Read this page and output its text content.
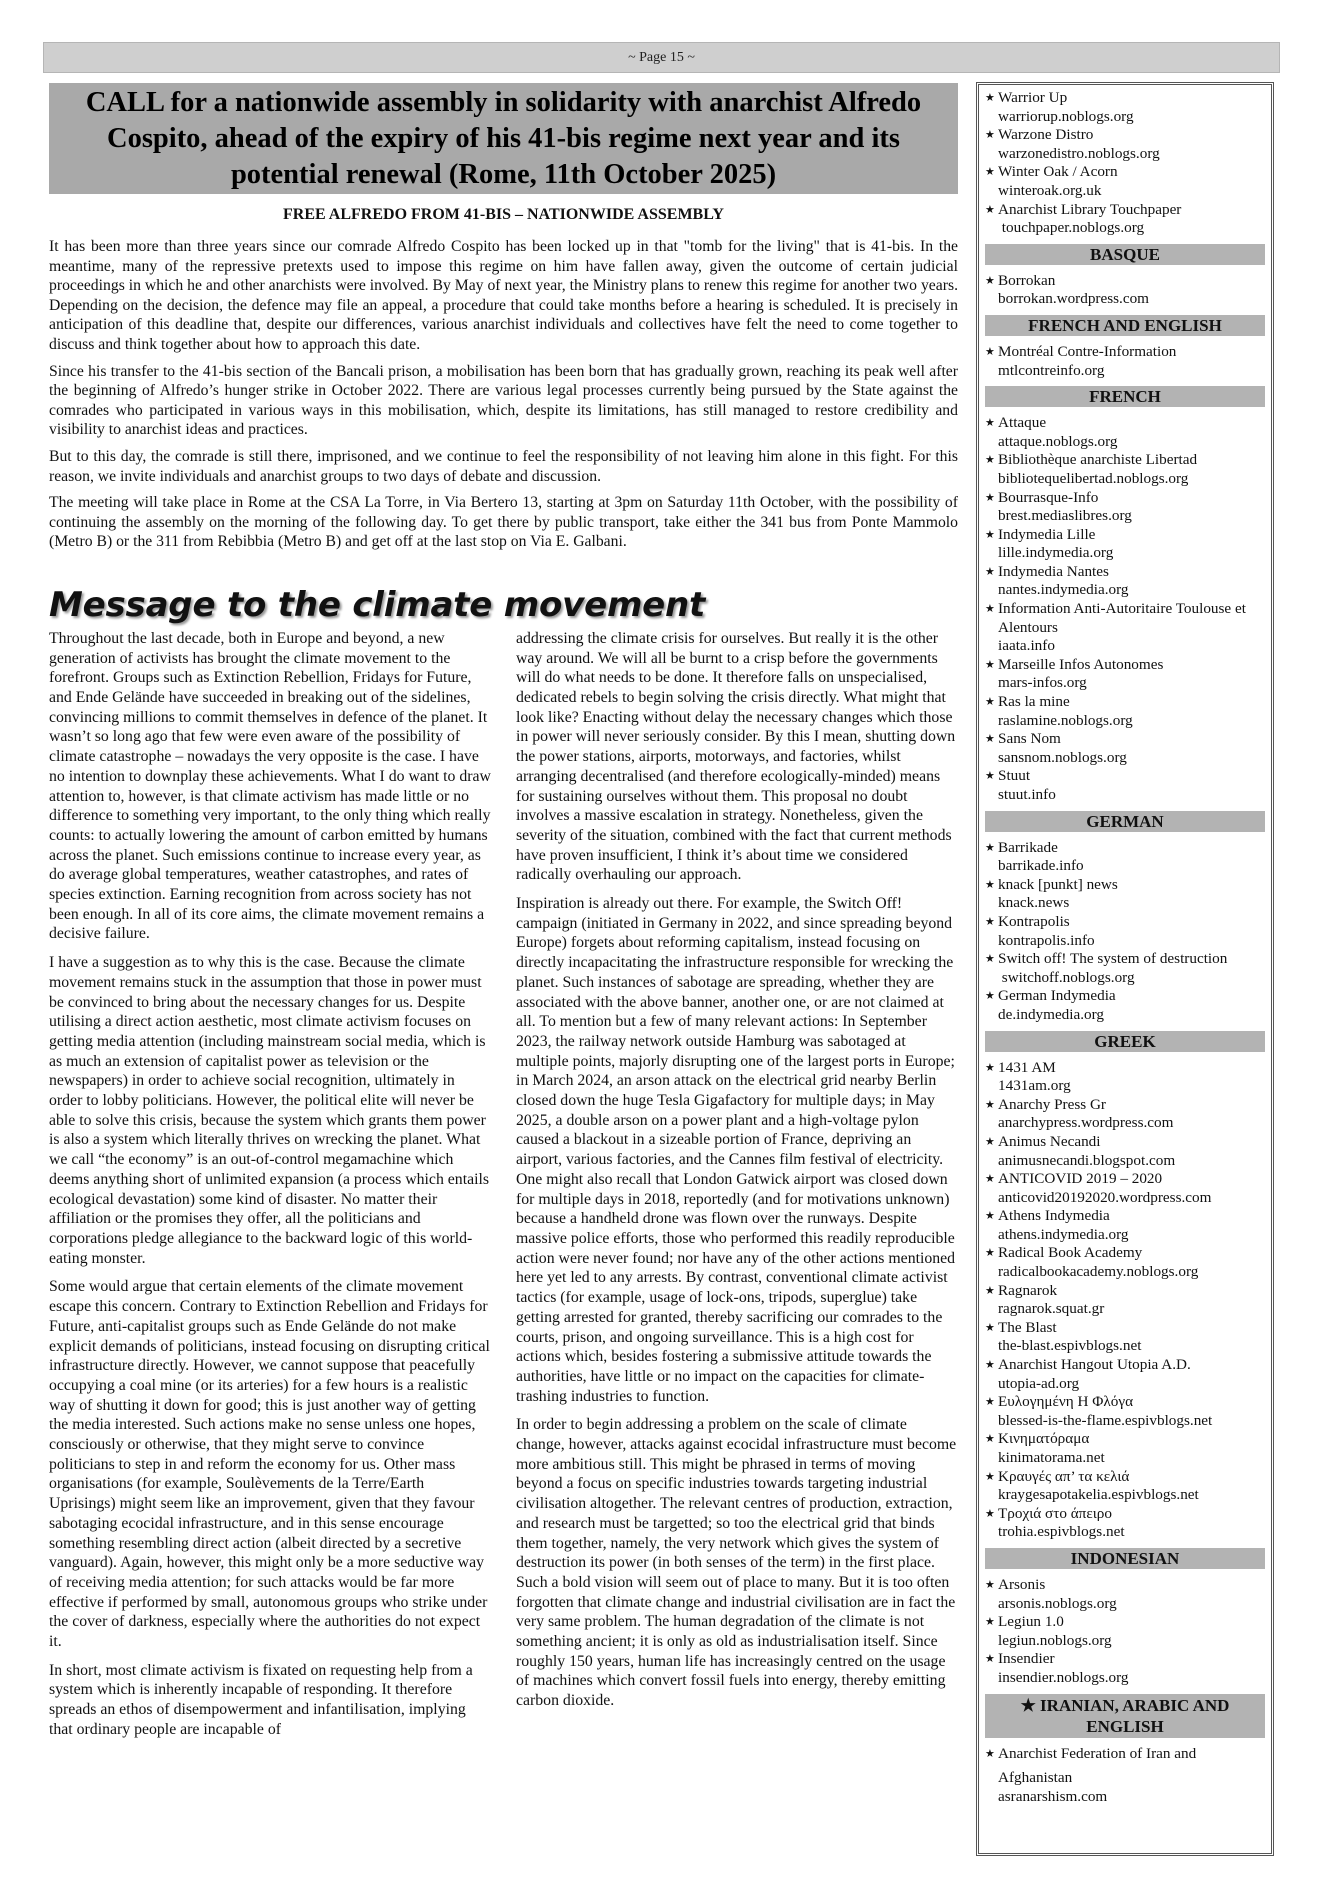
~ Page 15 ~
CALL for a nationwide assembly in solidarity with anarchist Alfredo Cospito, ahead of the expiry of his 41-bis regime next year and its potential renewal (Rome, 11th October 2025)
FREE ALFREDO FROM 41-BIS – NATIONWIDE ASSEMBLY

It has been more than three years since our comrade Alfredo Cospito has been locked up in that "tomb for the living" that is 41-bis. In the meantime, many of the repressive pretexts used to impose this regime on him have fallen away, given the outcome of certain judicial proceedings in which he and other anarchists were involved. By May of next year, the Ministry plans to renew this regime for another two years. Depending on the decision, the defence may file an appeal, a procedure that could take months before a hearing is scheduled. It is precisely in anticipation of this deadline that, despite our differences, various anarchist individuals and collectives have felt the need to come together to discuss and think together about how to approach this date.

Since his transfer to the 41-bis section of the Bancali prison, a mobilisation has been born that has gradually grown, reaching its peak well after the beginning of Alfredo’s hunger strike in October 2022. There are various legal processes currently being pursued by the State against the comrades who participated in various ways in this mobilisation, which, despite its limitations, has still managed to restore credibility and visibility to anarchist ideas and practices.

But to this day, the comrade is still there, imprisoned, and we continue to feel the responsibility of not leaving him alone in this fight. For this reason, we invite individuals and anarchist groups to two days of debate and discussion.

The meeting will take place in Rome at the CSA La Torre, in Via Bertero 13, starting at 3pm on Saturday 11th October, with the possibility of continuing the assembly on the morning of the following day. To get there by public transport, take either the 341 bus from Ponte Mammolo (Metro B) or the 311 from Rebibbia (Metro B) and get off at the last stop on Via E. Galbani.

Message to the climate movement

Throughout the last decade, both in Europe and beyond, a new generation of activists has brought the climate movement to the forefront. Groups such as Extinction Rebellion, Fridays for Future, and Ende Gelände have succeeded in breaking out of the sidelines, convincing millions to commit themselves in defence of the planet. It wasn’t so long ago that few were even aware of the possibility of climate catastrophe – nowadays the very opposite is the case. I have no intention to downplay these achievements. What I do want to draw attention to, however, is that climate activism has made little or no difference to something very important, to the only thing which really counts: to actually lowering the amount of carbon emitted by humans across the planet. Such emissions continue to increase every year, as do average global temperatures, weather catastrophes, and rates of species extinction. Earning recognition from across society has not been enough. In all of its core aims, the climate movement remains a decisive failure.

I have a suggestion as to why this is the case. Because the climate movement remains stuck in the assumption that those in power must be convinced to bring about the necessary changes for us. Despite utilising a direct action aesthetic, most climate activism focuses on getting media attention (including mainstream social media, which is as much an extension of capitalist power as television or the newspapers) in order to achieve social recognition, ultimately in order to lobby politicians. However, the political elite will never be able to solve this crisis, because the system which grants them power is also a system which literally thrives on wrecking the planet. What we call “the economy” is an out-of-control megamachine which deems anything short of unlimited expansion (a process which entails ecological devastation) some kind of disaster. No matter their affiliation or the promises they offer, all the politicians and corporations pledge allegiance to the backward logic of this world-eating monster.

Some would argue that certain elements of the climate movement escape this concern. Contrary to Extinction Rebellion and Fridays for Future, anti-capitalist groups such as Ende Gelände do not make explicit demands of politicians, instead focusing on disrupting critical infrastructure directly. However, we cannot suppose that peacefully occupying a coal mine (or its arteries) for a few hours is a realistic way of shutting it down for good; this is just another way of getting the media interested. Such actions make no sense unless one hopes, consciously or otherwise, that they might serve to convince politicians to step in and reform the economy for us. Other mass organisations (for example, Soulèvements de la Terre/Earth Uprisings) might seem like an improvement, given that they favour sabotaging ecocidal infrastructure, and in this sense encourage something resembling direct action (albeit directed by a secretive vanguard). Again, however, this might only be a more seductive way of receiving media attention; for such attacks would be far more effective if performed by small, autonomous groups who strike under the cover of darkness, especially where the authorities do not expect it.

In short, most climate activism is fixated on requesting help from a system which is inherently incapable of responding. It therefore spreads an ethos of disempowerment and infantilisation, implying that ordinary people are incapable of

addressing the climate crisis for ourselves. But really it is the other way around. We will all be burnt to a crisp before the governments will do what needs to be done. It therefore falls on unspecialised, dedicated rebels to begin solving the crisis directly. What might that look like? Enacting without delay the necessary changes which those in power will never seriously consider. By this I mean, shutting down the power stations, airports, motorways, and factories, whilst arranging decentralised (and therefore ecologically-minded) means for sustaining ourselves without them. This proposal no doubt involves a massive escalation in strategy. Nonetheless, given the severity of the situation, combined with the fact that current methods have proven insufficient, I think it’s about time we considered radically overhauling our approach.

Inspiration is already out there. For example, the Switch Off! campaign (initiated in Germany in 2022, and since spreading beyond Europe) forgets about reforming capitalism, instead focusing on directly incapacitating the infrastructure responsible for wrecking the planet. Such instances of sabotage are spreading, whether they are associated with the above banner, another one, or are not claimed at all. To mention but a few of many relevant actions: In September 2023, the railway network outside Hamburg was sabotaged at multiple points, majorly disrupting one of the largest ports in Europe; in March 2024, an arson attack on the electrical grid nearby Berlin closed down the huge Tesla Gigafactory for multiple days; in May 2025, a double arson on a power plant and a high-voltage pylon caused a blackout in a sizeable portion of France, depriving an airport, various factories, and the Cannes film festival of electricity. One might also recall that London Gatwick airport was closed down for multiple days in 2018, reportedly (and for motivations unknown) because a handheld drone was flown over the runways. Despite massive police efforts, those who performed this readily reproducible action were never found; nor have any of the other actions mentioned here yet led to any arrests. By contrast, conventional climate activist tactics (for example, usage of lock-ons, tripods, superglue) take getting arrested for granted, thereby sacrificing our comrades to the courts, prison, and ongoing surveillance. This is a high cost for actions which, besides fostering a submissive attitude towards the authorities, have little or no impact on the capacities for climate-trashing industries to function.

In order to begin addressing a problem on the scale of climate change, however, attacks against ecocidal infrastructure must become more ambitious still. This might be phrased in terms of moving beyond a focus on specific industries towards targeting industrial civilisation altogether. The relevant centres of production, extraction, and research must be targetted; so too the electrical grid that binds them together, namely, the very network which gives the system of destruction its power (in both senses of the term) in the first place. Such a bold vision will seem out of place to many. But it is too often forgotten that climate change and industrial civilisation are in fact the very same problem. The human degradation of the climate is not something ancient; it is only as old as industrialisation itself. Since roughly 150 years, human life has increasingly centred on the usage of machines which convert fossil fuels into energy, thereby emitting carbon dioxide.

★ Warrior Up
warriorup.noblogs.org
★ Warzone Distro
warzonedistro.noblogs.org
★ Winter Oak / Acorn
winteroak.org.uk
★ Anarchist Library Touchpaper
touchpaper.noblogs.org
BASQUE
★ Borrokan
borrokan.wordpress.com
FRENCH AND ENGLISH
★ Montréal Contre-Information
mtlcontreinfo.org
FRENCH
★ Attaque
attaque.noblogs.org
★ Bibliothèque anarchiste Libertad
bibliotequelibertad.noblogs.org
★ Bourrasque-Info
brest.mediaslibres.org
★ Indymedia Lille
lille.indymedia.org
★ Indymedia Nantes
nantes.indymedia.org
★ Information Anti-Autoritaire Toulouse et Alentours
iaata.info
★ Marseille Infos Autonomes
mars-infos.org
★ Ras la mine
raslamine.noblogs.org
★ Sans Nom
sansnom.noblogs.org
★ Stuut
stuut.info
GERMAN
★ Barrikade
barrikade.info
★ knack [punkt] news
knack.news
★ Kontrapolis
kontrapolis.info
★ Switch off! The system of destruction
switchoff.noblogs.org
★ German Indymedia
de.indymedia.org
GREEK
★ 1431 AM
1431am.org
★ Anarchy Press Gr
anarchypress.wordpress.com
★ Animus Necandi
animusnecandi.blogspot.com
★ ANTICOVID 2019 – 2020
anticovid20192020.wordpress.com
★ Athens Indymedia
athens.indymedia.org
★ Radical Book Academy
radicalbookacademy.noblogs.org
★ Ragnarok
ragnarok.squat.gr
★ The Blast
the-blast.espivblogs.net
★ Anarchist Hangout Utopia A.D.
utopia-ad.org
★ Ευλογημένη Η Φλόγα
blessed-is-the-flame.espivblogs.net
★ Κινηματόραμα
kinimatorama.net
★ Κραυγές απ’ τα κελιά
kraygesapotakelia.espivblogs.net
★ Τροχιά στο άπειρο
trohia.espivblogs.net
INDONESIAN
★ Arsonis
arsonis.noblogs.org
★ Legiun 1.0
legiun.noblogs.org
★ Insendier
insendier.noblogs.org
★ IRANIAN, ARABIC AND ENGLISH
★ Anarchist Federation of Iran and
Afghanistan
asranarshism.com
